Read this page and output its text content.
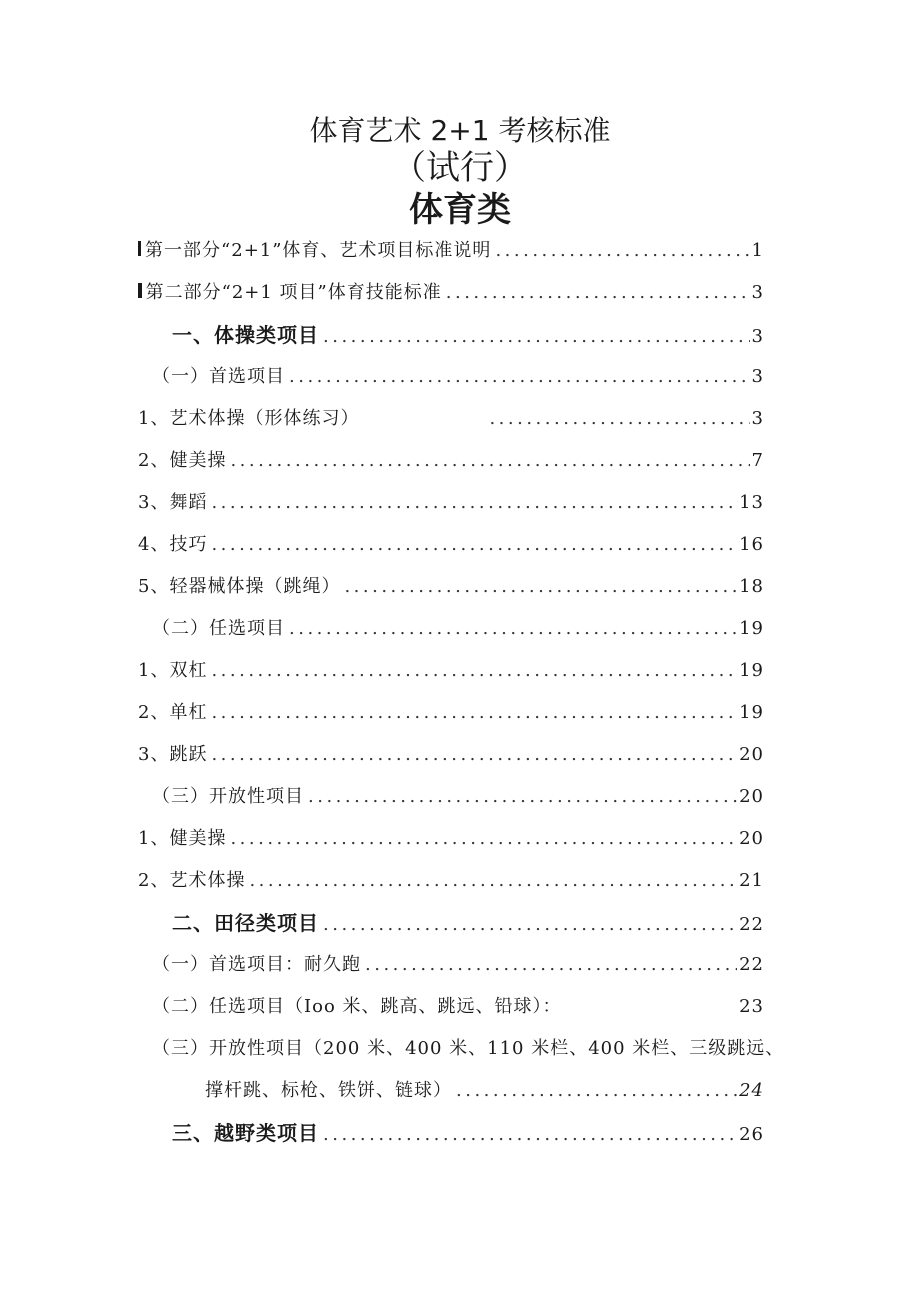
体育艺术 2+1 考核标准
（试行）
体育类
第一部分“2+1”体育、艺术项目标准说明 .....	1
第二部分“2+1 项目”体育技能标准 .....	3
一、体操类项目 .....	3
（一）首选项目 .....	3
1、艺术体操（形体练习） .....	3
2、健美操 .....	7
3、舞蹈 .....	13
4、技巧 .....	16
5、轻器械体操（跳绳） .....	18
（二）任选项目 .....	19
1、双杠 .....	19
2、单杠 .....	19
3、跳跃 .....	20
（三）开放性项目 .....	20
1、健美操 .....	20
2、艺术体操 .....	21
二、田径类项目 .....	22
（一）首选项目：耐久跑 .....	22
（二）任选项目（Ioo 米、跳高、跳远、铅球）：	23
（三）开放性项目（200 米、400 米、110 米栏、400 米栏、三级跳远、
撑杆跳、标枪、铁饼、链球） .....	24
三、越野类项目 .....	26
